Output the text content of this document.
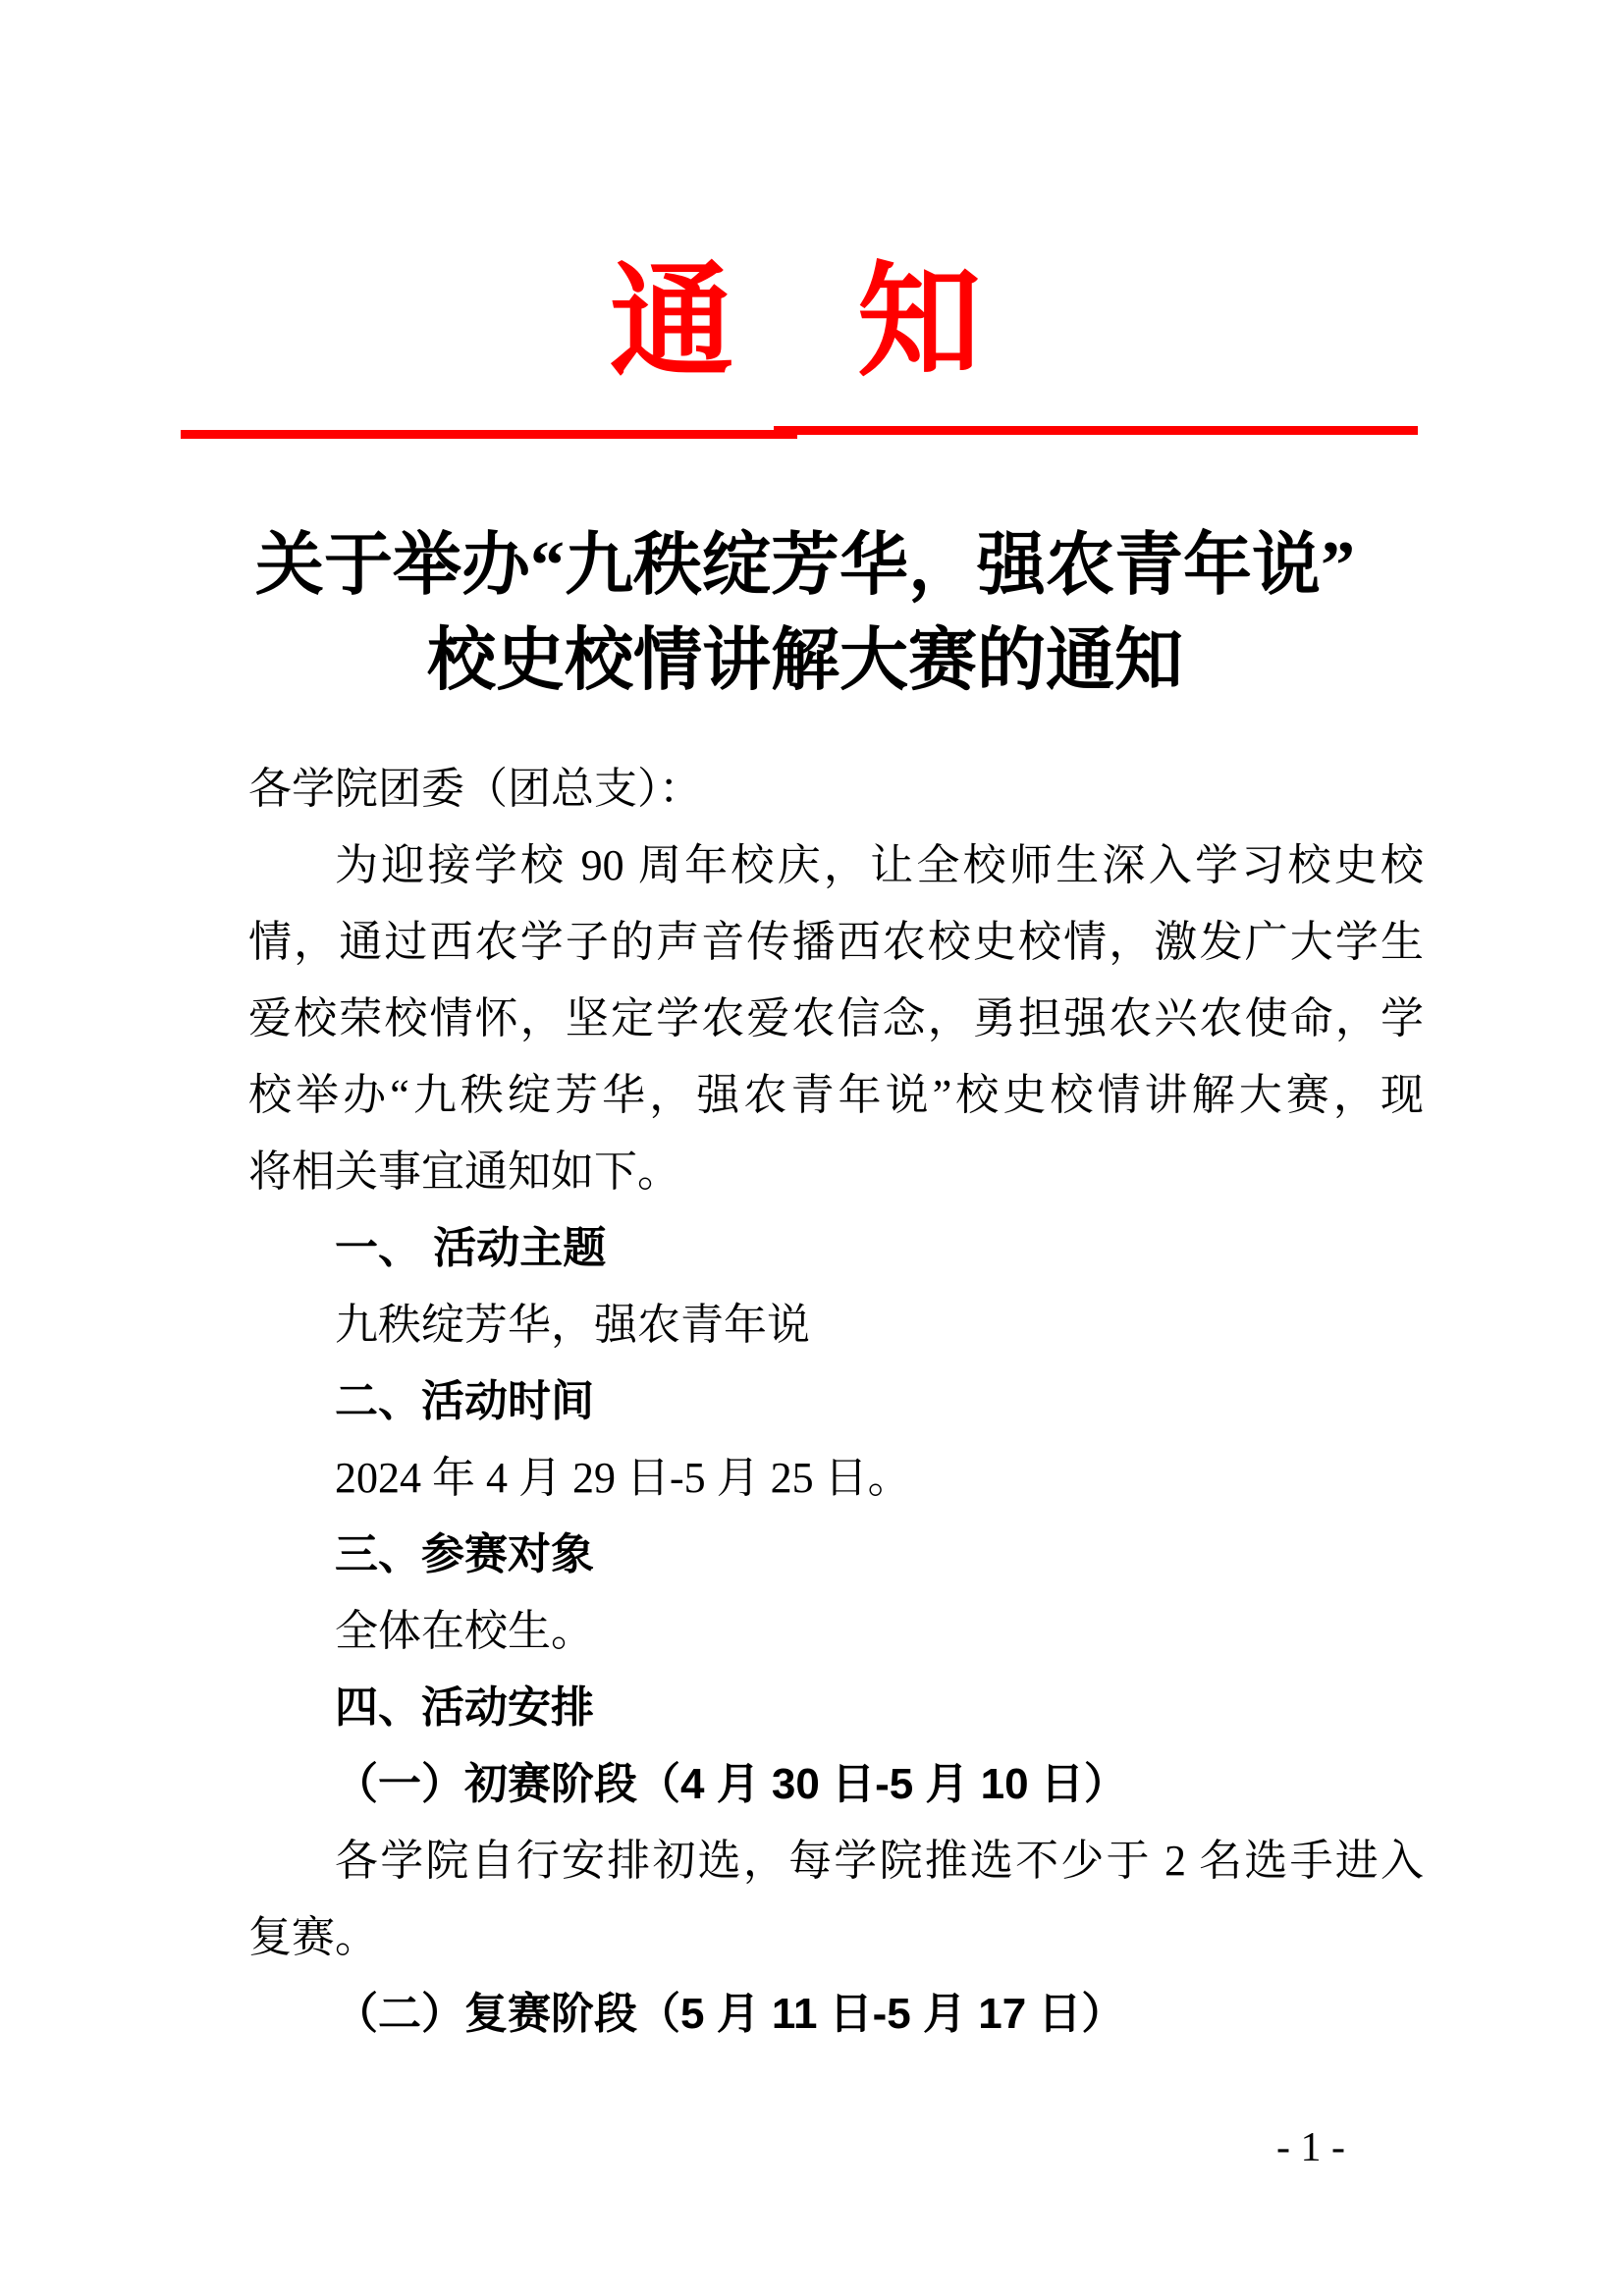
通　知
关于举办“九秩绽芳华，强农青年说”
校史校情讲解大赛的通知
各学院团委（团总支）：
为迎接学校 90 周年校庆，让全校师生深入学习校史校
情，通过西农学子的声音传播西农校史校情，激发广大学生
爱校荣校情怀，坚定学农爱农信念，勇担强农兴农使命，学
校举办“九秩绽芳华，强农青年说”校史校情讲解大赛，现
将相关事宜通知如下。
一、 活动主题
九秩绽芳华，强农青年说
二、活动时间
2024 年 4 月 29 日-5 月 25 日。
三、参赛对象
全体在校生。
四、活动安排
（一）初赛阶段（4 月 30 日-5 月 10 日）
各学院自行安排初选，每学院推选不少于 2 名选手进入
复赛。
（二）复赛阶段（5 月 11 日-5 月 17 日）
- 1 -
